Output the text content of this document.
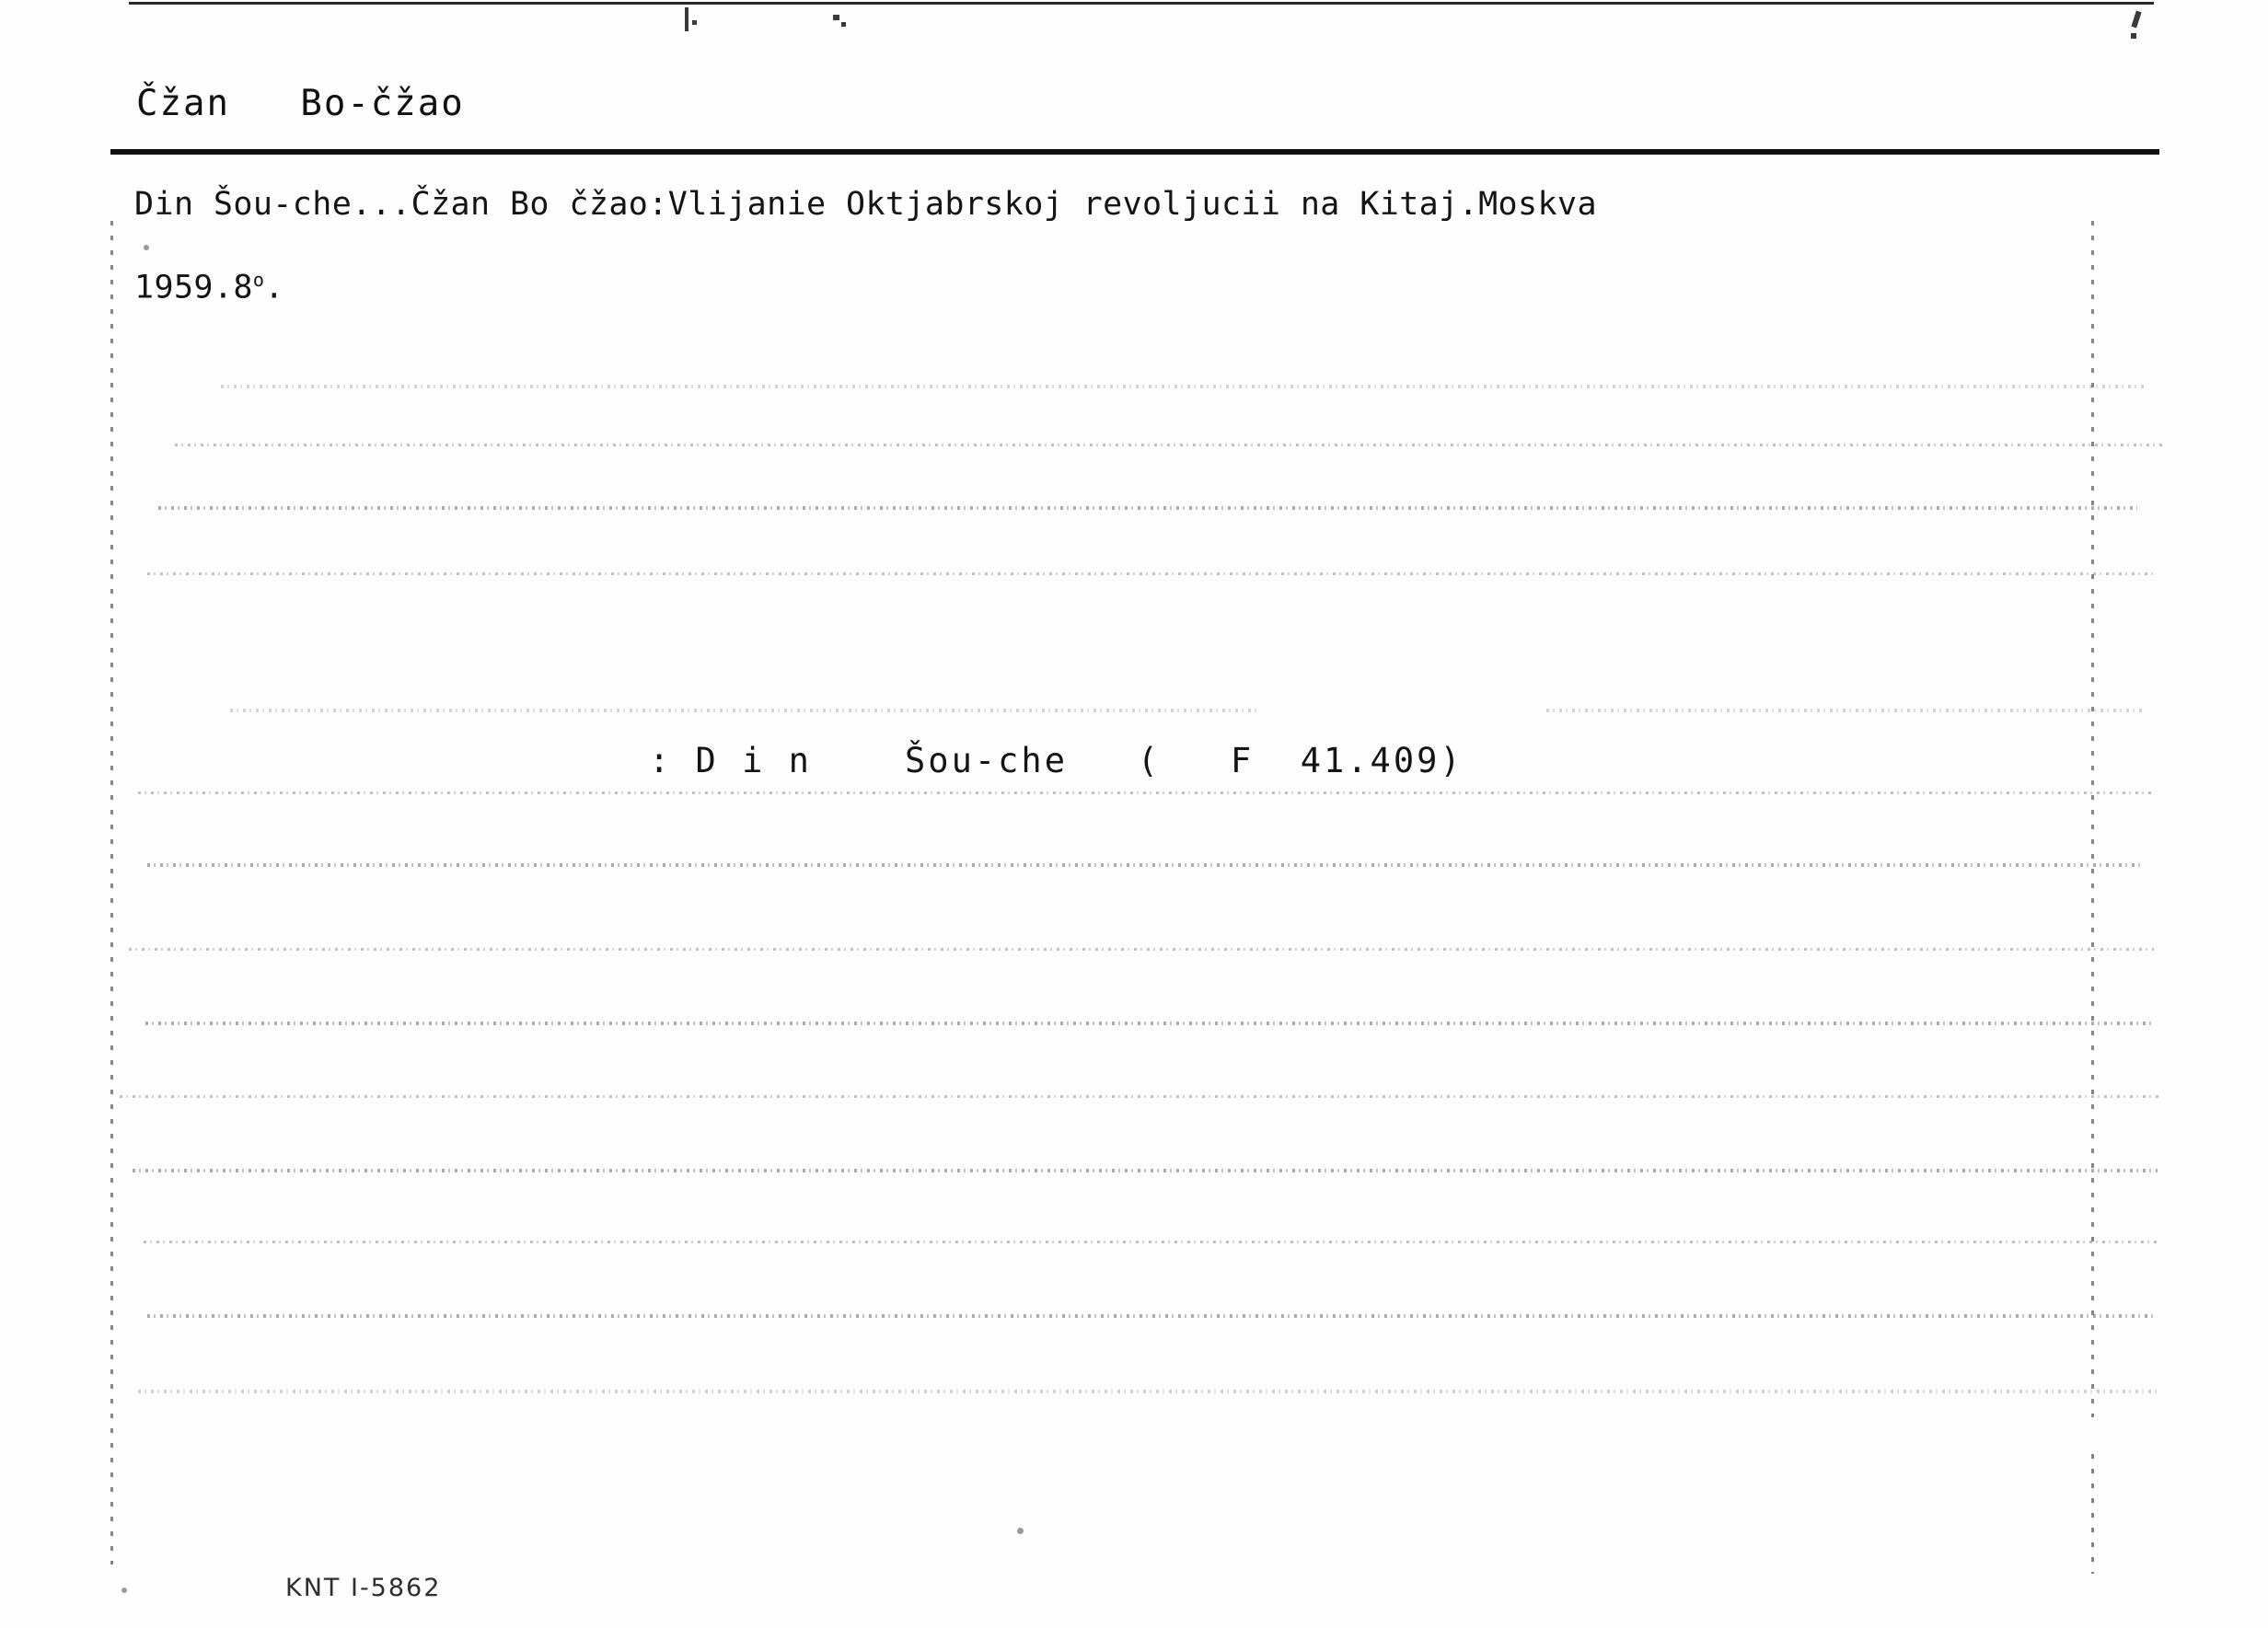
Čžan   Bo-čžao
Din Šou-che...Čžan Bo čžao:Vlijanie Oktjabrskoj revoljucii na Kitaj.Moskva
1959.8$^o$.
: D i n    Šou-che   (   F  41.409)
KNT I-5862
